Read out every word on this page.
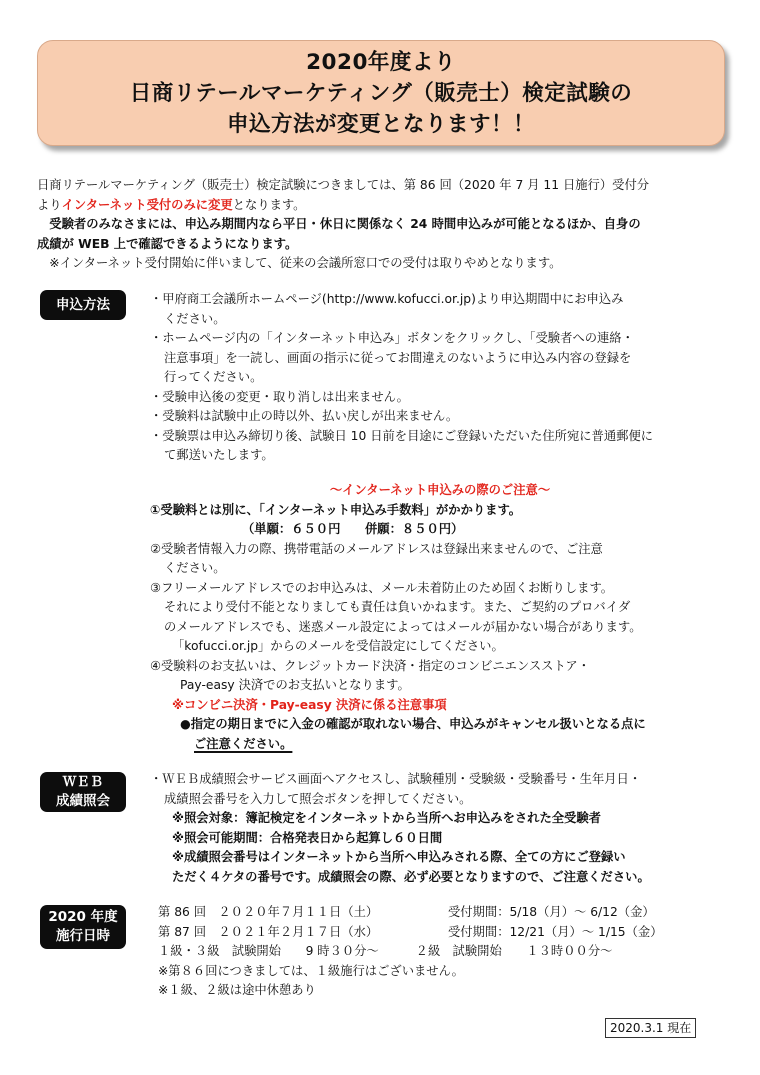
2020年度より
日商リテールマーケティング（販売士）検定試験の
申込方法が変更となります！！
日商リテールマーケティング（販売士）検定試験につきましては、第 86 回（2020 年 7 月 11 日施行）受付分
よりインターネット受付のみに変更となります。
　受験者のみなさまには、申込み期間内なら平日・休日に関係なく 24 時間申込みが可能となるほか、自身の
成績が WEB 上で確認できるようになります。
　※インターネット受付開始に伴いまして、従来の会議所窓口での受付は取りやめとなります。
申込方法	・甲府商工会議所ホームページ(http://www.kofucci.or.jp)より申込期間中にお申込み
ください。
・ホームページ内の「インターネット申込み」ボタンをクリックし、「受験者への連絡・
注意事項」を一読し、画面の指示に従ってお間違えのないように申込み内容の登録を
行ってください。
・受験申込後の変更・取り消しは出来ません。
・受験料は試験中止の時以外、払い戻しが出来ません。
・受験票は申込み締切り後、試験日 10 日前を目途にご登録いただいた住所宛に普通郵便に
て郵送いたします。
～インターネット申込みの際のご注意～
①受験料とは別に、「インターネット申込み手数料」がかかります。
（単願：６５０円　　併願：８５０円）
②受験者情報入力の際、携帯電話のメールアドレスは登録出来ませんので、ご注意
ください。
③フリーメールアドレスでのお申込みは、メール未着防止のため固くお断りします。
それにより受付不能となりましても責任は負いかねます。また、ご契約のプロバイダ
のメールアドレスでも、迷惑メール設定によってはメールが届かない場合があります。
「kofucci.or.jp」からのメールを受信設定にしてください。
④受験料のお支払いは、クレジットカード決済・指定のコンビニエンスストア・
Pay-easy 決済でのお支払いとなります。
※コンビニ決済・Pay-easy 決済に係る注意事項
●指定の期日までに入金の確認が取れない場合、申込みがキャンセル扱いとなる点に
ご注意ください。
ＷＥＢ
成績照会
・ＷＥＢ成績照会サービス画面へアクセスし、試験種別・受験級・受験番号・生年月日・
成績照会番号を入力して照会ボタンを押してください。
※照会対象：簿記検定をインターネットから当所へお申込みをされた全受験者
※照会可能期間：合格発表日から起算し６０日間
※成績照会番号はインターネットから当所へ申込みされる際、全ての方にご登録い
ただく４ケタの番号です。成績照会の際、必ず必要となりますので、ご注意ください。
2020 年度
施行日時
第 86 回　２０２０年７月１１日（土）	受付期間：5/18（月）～ 6/12（金）
第 87 回　２０２１年２月１７日（水）	受付期間：12/21（月）～ 1/15（金）
１級・３級　試験開始　　9 時３０分～　　　２級　試験開始　　１３時００分～
※第８６回につきましては、１級施行はございません。
※１級、２級は途中休憩あり
2020.3.1 現在
